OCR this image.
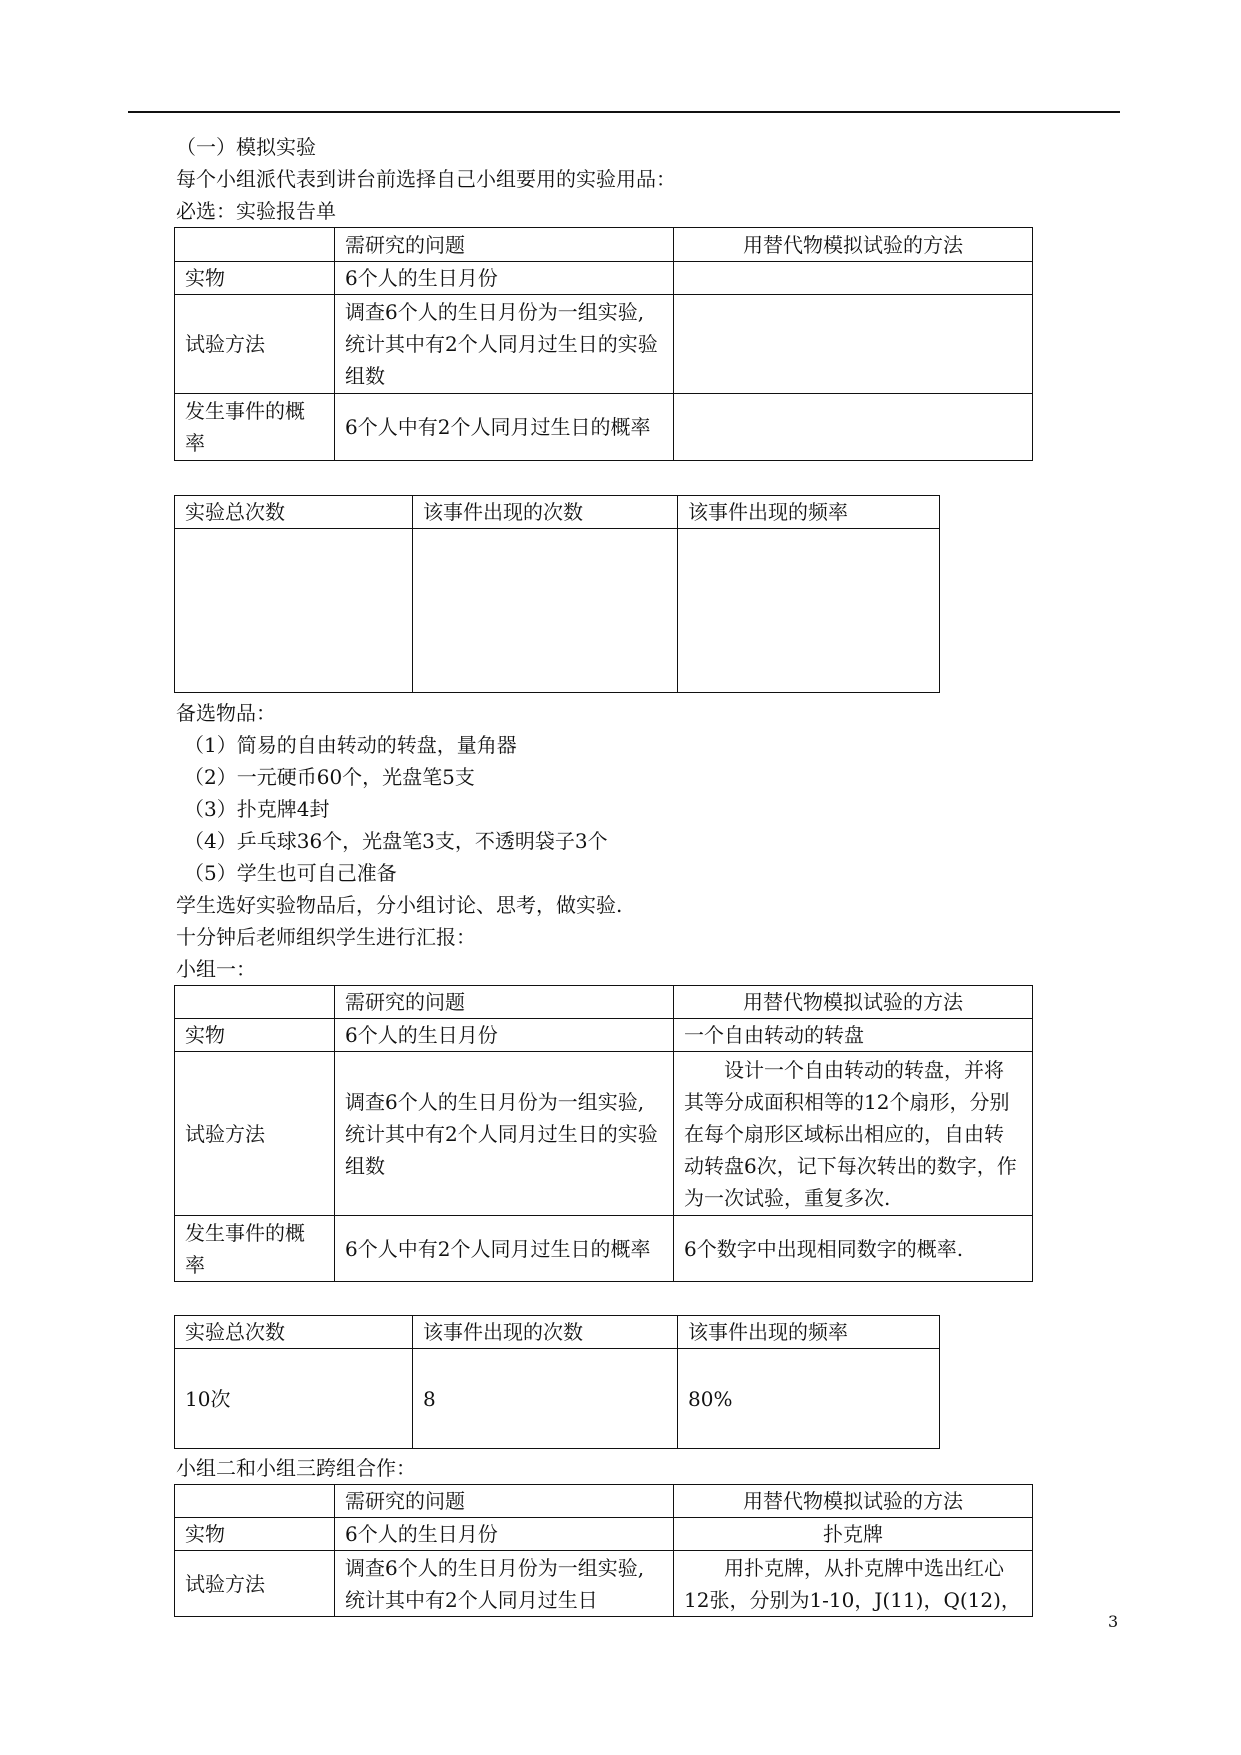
（一）模拟实验
每个小组派代表到讲台前选择自己小组要用的实验用品：
必选：实验报告单
	需研究的问题	用替代物模拟试验的方法
实物	6个人的生日月份	
试验方法	调查6个人的生日月份为一组实验,统计其中有2个人同月过生日的实验组数	
发生事件的概率	6个人中有2个人同月过生日的概率	
实验总次数	该事件出现的次数	该事件出现的频率

备选物品：
（1）简易的自由转动的转盘，量角器
（2）一元硬币60个，光盘笔5支
（3）扑克牌4封
（4）乒乓球36个，光盘笔3支，不透明袋子3个
（5）学生也可自己准备
学生选好实验物品后，分小组讨论、思考，做实验.
十分钟后老师组织学生进行汇报：
小组一：
	需研究的问题	用替代物模拟试验的方法
实物	6个人的生日月份	一个自由转动的转盘
试验方法	调查6个人的生日月份为一组实验,统计其中有2个人同月过生日的实验组数	设计一个自由转动的转盘，并将其等分成面积相等的12个扇形，分别在每个扇形区域标出相应的，自由转动转盘6次，记下每次转出的数字，作为一次试验，重复多次.
发生事件的概率	6个人中有2个人同月过生日的概率	6个数字中出现相同数字的概率.
实验总次数	该事件出现的次数	该事件出现的频率
10次	8	80%
小组二和小组三跨组合作：
	需研究的问题	用替代物模拟试验的方法
实物	6个人的生日月份	扑克牌
试验方法	调查6个人的生日月份为一组实验,统计其中有2个人同月过生日	用扑克牌，从扑克牌中选出红心12张，分别为1-10，J(11)，Q(12)，
3
